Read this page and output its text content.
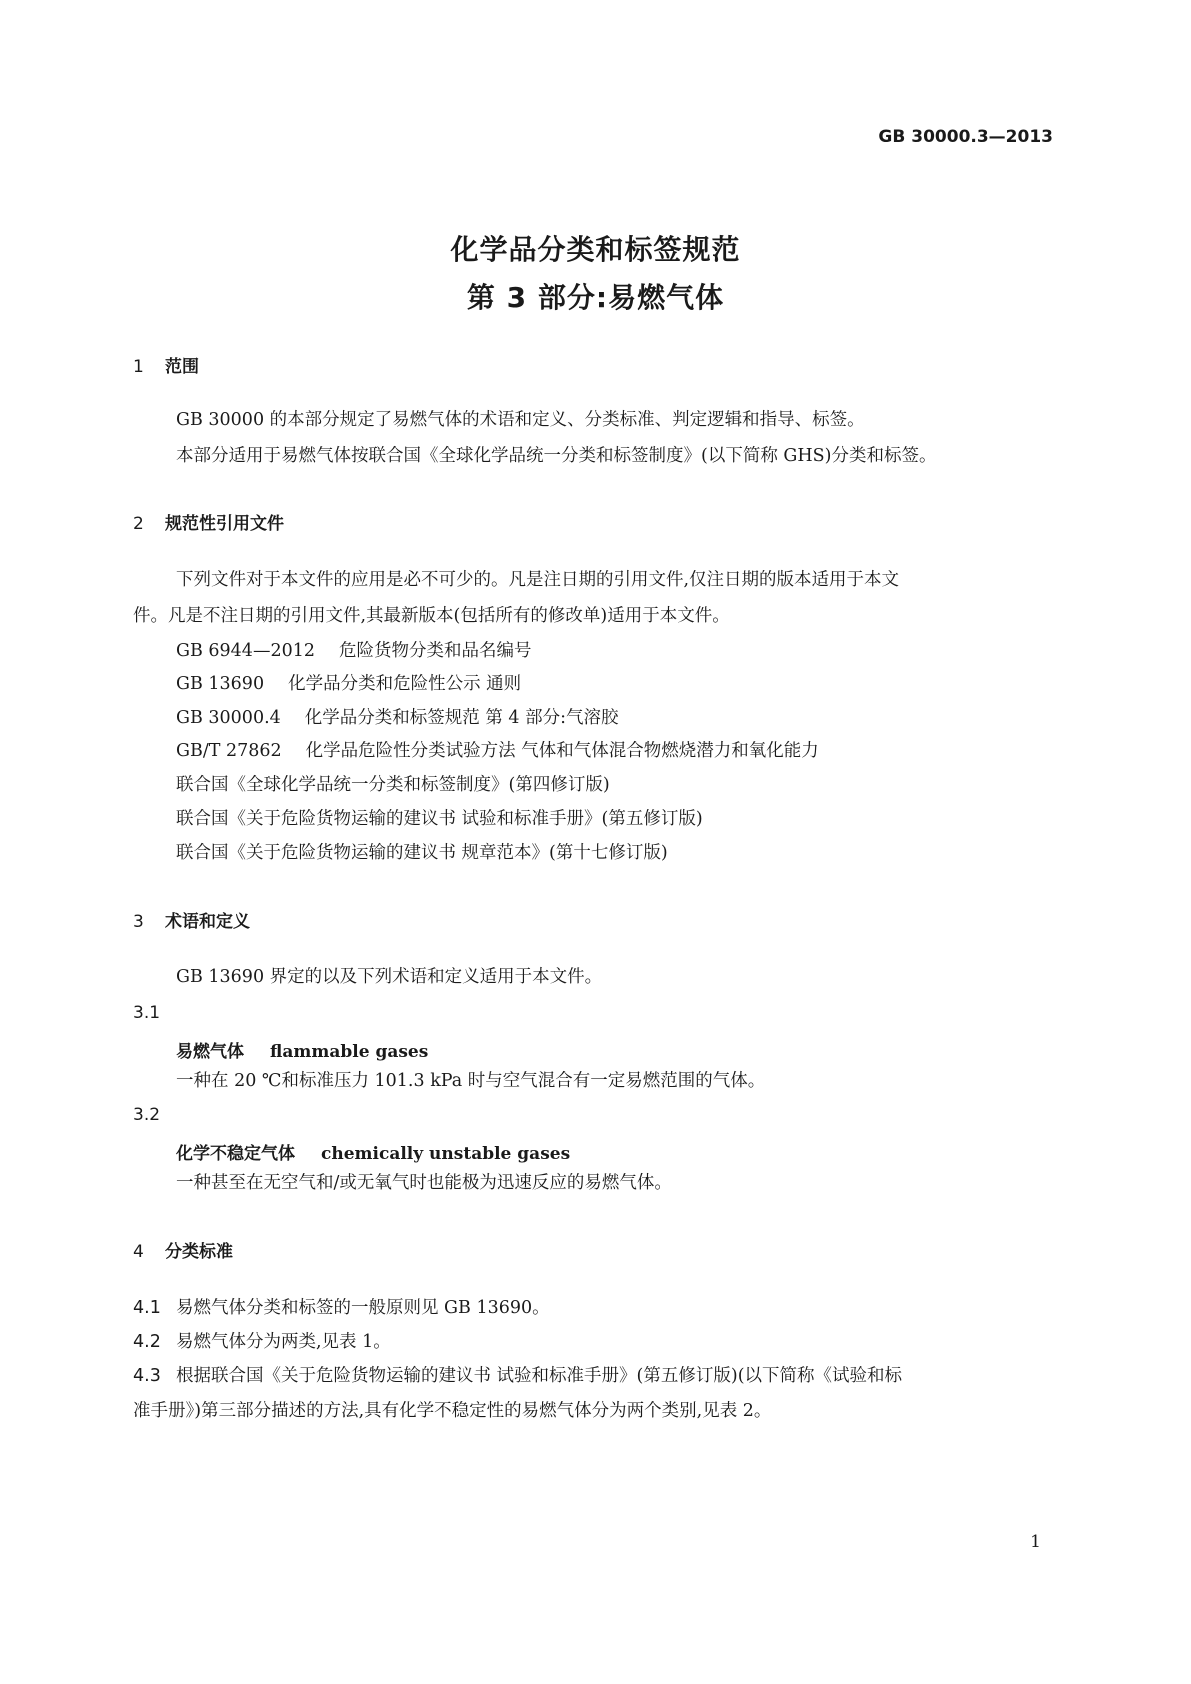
GB 30000.3—2013
化学品分类和标签规范
第 3 部分:易燃气体
1 范围
GB 30000 的本部分规定了易燃气体的术语和定义、分类标准、判定逻辑和指导、标签。
本部分适用于易燃气体按联合国《全球化学品统一分类和标签制度》(以下简称 GHS)分类和标签。
2 规范性引用文件
下列文件对于本文件的应用是必不可少的。凡是注日期的引用文件,仅注日期的版本适用于本文
件。凡是不注日期的引用文件,其最新版本(包括所有的修改单)适用于本文件。
GB 6944—2012 危险货物分类和品名编号
GB 13690 化学品分类和危险性公示 通则
GB 30000.4 化学品分类和标签规范 第 4 部分:气溶胶
GB/T 27862 化学品危险性分类试验方法 气体和气体混合物燃烧潜力和氧化能力
联合国《全球化学品统一分类和标签制度》(第四修订版)
联合国《关于危险货物运输的建议书 试验和标准手册》(第五修订版)
联合国《关于危险货物运输的建议书 规章范本》(第十七修订版)
3 术语和定义
GB 13690 界定的以及下列术语和定义适用于本文件。
3.1
易燃气体 flammable gases
一种在 20 ℃和标准压力 101.3 kPa 时与空气混合有一定易燃范围的气体。
3.2
化学不稳定气体 chemically unstable gases
一种甚至在无空气和/或无氧气时也能极为迅速反应的易燃气体。
4 分类标准
4.1 易燃气体分类和标签的一般原则见 GB 13690。
4.2 易燃气体分为两类,见表 1。
4.3 根据联合国《关于危险货物运输的建议书 试验和标准手册》(第五修订版)(以下简称《试验和标
准手册》)第三部分描述的方法,具有化学不稳定性的易燃气体分为两个类别,见表 2。
1
